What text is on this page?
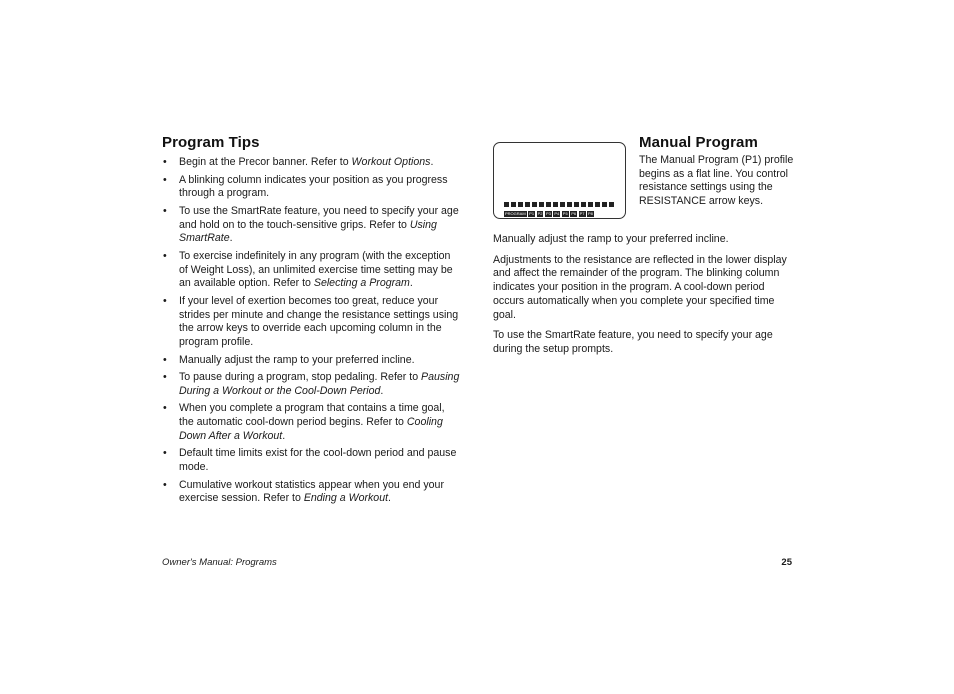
Program Tips
• Begin at the Precor banner. Refer to Workout Options.
• A blinking column indicates your position as you progress through a program.
• To use the SmartRate feature, you need to specify your age and hold on to the touch-sensitive grips. Refer to Using SmartRate.
• To exercise indefinitely in any program (with the exception of Weight Loss), an unlimited exercise time setting may be an available option. Refer to Selecting a Program.
• If your level of exertion becomes too great, reduce your strides per minute and change the resistance settings using the arrow keys to override each upcoming column in the program profile.
• Manually adjust the ramp to your preferred incline.
• To pause during a program, stop pedaling. Refer to Pausing During a Workout or the Cool-Down Period.
• When you complete a program that contains a time goal, the automatic cool-down period begins. Refer to Cooling Down After a Workout.
• Default time limits exist for the cool-down period and pause mode.
• Cumulative workout statistics appear when you end your exercise session. Refer to Ending a Workout.
PROGRAM P1 P2 P3 P4 P5 P6 P7 P8
Manual Program

The Manual Program (P1) profile begins as a flat line. You control resistance settings using the RESISTANCE arrow keys.

Manually adjust the ramp to your preferred incline.

Adjustments to the resistance are reflected in the lower display and affect the remainder of the program. The blinking column indicates your position in the program. A cool-down period occurs automatically when you complete your specified time goal.

To use the SmartRate feature, you need to specify your age during the setup prompts.

Owner's Manual: Programs	25
